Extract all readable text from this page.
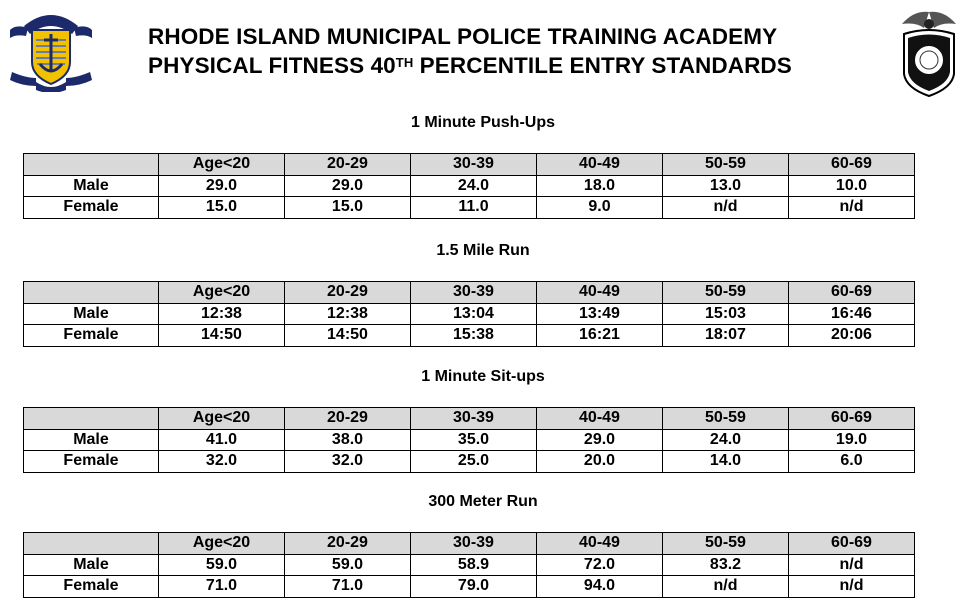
RHODE ISLAND MUNICIPAL POLICE TRAINING ACADEMY
PHYSICAL FITNESS 40TH PERCENTILE ENTRY STANDARDS
1 Minute Push-Ups
	Age<20	20-29	30-39	40-49	50-59	60-69
Male	29.0	29.0	24.0	18.0	13.0	10.0
Female	15.0	15.0	11.0	9.0	n/d	n/d
1.5 Mile Run
	Age<20	20-29	30-39	40-49	50-59	60-69
Male	12:38	12:38	13:04	13:49	15:03	16:46
Female	14:50	14:50	15:38	16:21	18:07	20:06
1 Minute Sit-ups
	Age<20	20-29	30-39	40-49	50-59	60-69
Male	41.0	38.0	35.0	29.0	24.0	19.0
Female	32.0	32.0	25.0	20.0	14.0	6.0
300 Meter Run
	Age<20	20-29	30-39	40-49	50-59	60-69
Male	59.0	59.0	58.9	72.0	83.2	n/d
Female	71.0	71.0	79.0	94.0	n/d	n/d
